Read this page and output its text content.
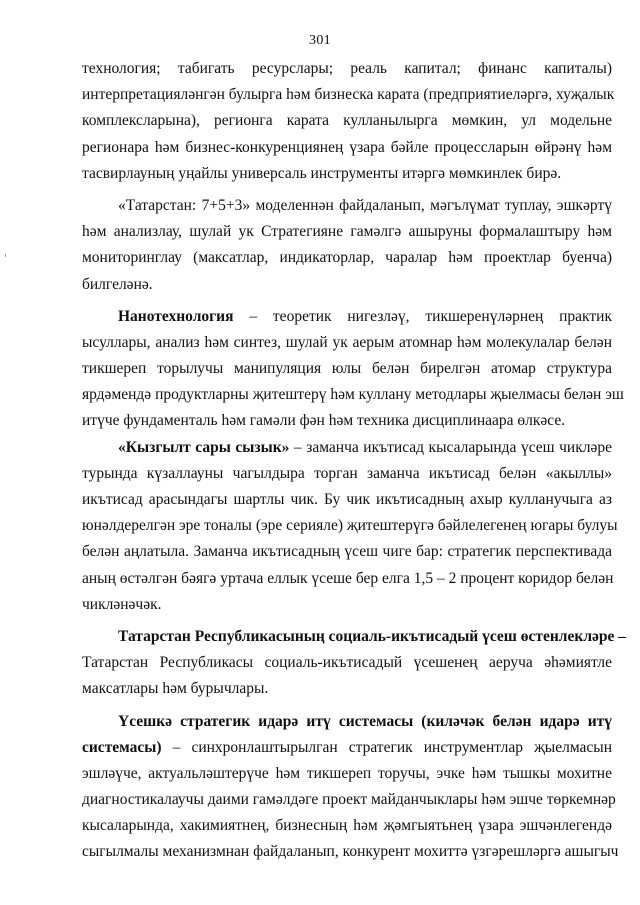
301
технология; табигать ресурслары; реаль капитал; финанс капиталы)
интерпретацияләнгән булырга һәм бизнеска карата (предприятиеләргә, хуҗалык
комплексларына), регионга карата кулланылырга мөмкин, ул модельне
регионара һәм бизнес-конкуренциянең үзара бәйле процессларын өйрәнү һәм
тасвирлауның уңайлы универсаль инструменты итәргә мөмкинлек бирә.
«Татарстан: 7+5+3» моделеннән файдаланып, мәгълүмат туплау, эшкәртү
һәм анализлау, шулай ук Стратегияне гамәлгә ашыруны формалаштыру һәм
мониторинглау (максатлар, индикаторлар, чаралар һәм проектлар буенча)
билгеләнә.
Нанотехнология – теоретик нигезләү, тикшеренүләрнең практик
ысуллары, анализ һәм синтез, шулай ук аерым атомнар һәм молекулалар белән
тикшереп торылучы манипуляция юлы белән бирелгән атомар структура
ярдәмендә продуктларны җитештерү һәм куллану методлары җыелмасы белән эш
итүче фундаменталь һәм гамәли фән һәм техника дисциплинаара өлкәсе.
«Кызгылт сары сызык» – заманча икътисад кысаларында үсеш чикләре
турында күзаллауны чагылдыра торган заманча икътисад белән «акыллы»
икътисад арасындагы шартлы чик. Бу чик икътисадның ахыр кулланучыга аз
юнәлдерелгән эре тоналы (эре сериялe) җитештерүгә бәйлелегенең югары булуы
белән аңлатыла. Заманча икътисадның үсеш чиге бар: стратегик перспективада
аның өстәлгән бәягә уртача еллык үсеше бер елга 1,5 – 2 процент коридор белән
чикләнәчәк.
Татарстан Республикасының социаль-икътисадый үсеш өстенлекләре –
Татарстан Республикасы социаль-икътисадый үсешенең аеруча әһәмиятле
максатлары һәм бурычлары.
Үсешкә стратегик идарә итү системасы (киләчәк белән идарә итү
системасы) – синхронлаштырылган стратегик инструментлар җыелмасын
эшләүче, актуальләштерүче һәм тикшереп торучы, эчке һәм тышкы мохитне
диагностикалаучы даими гамәлдәге проект майданчыклары һәм эшче төркемнәр
кысаларында, хакимиятнең, бизнесның һәм җәмгыятьнең үзара эшчәнлегендә
сыгылмалы механизмнан файдаланып, конкурент мохиттә үзгәрешләргә ашыгыч
